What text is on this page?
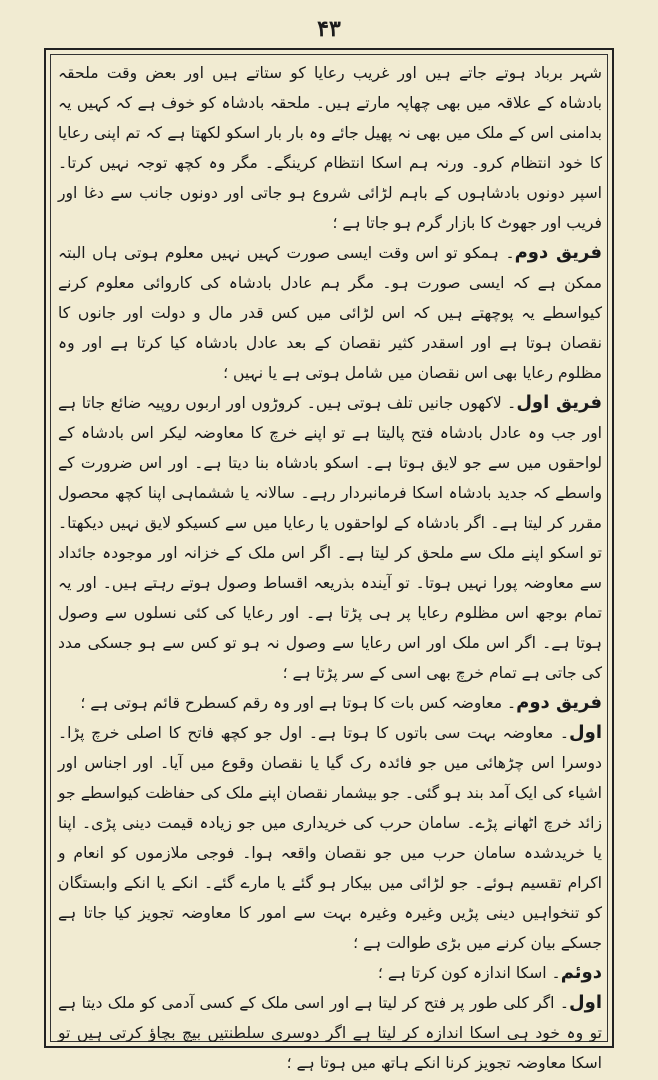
۴۳

شہر برباد ہوتے جاتے ہیں اور غریب رعایا کو ستاتے ہیں اور بعض وقت ملحقہ بادشاہ کے علاقہ میں بھی چھاپہ مارتے ہیں۔ ملحقہ بادشاہ کو خوف ہے کہ کہیں یہ بدامنی اس کے ملک میں بھی نہ پھیل جائے وہ بار بار اسکو لکھتا ہے کہ تم اپنی رعایا کا خود انتظام کرو۔ ورنہ ہم اسکا انتظام کرینگے۔ مگر وہ کچھ توجہ نہیں کرتا۔ اسپر دونوں بادشاہوں کے باہم لڑائی شروع ہو جاتی اور دونوں جانب سے دغا اور فریب اور جھوٹ کا بازار گرم ہو جاتا ہے ؛

فریق دوم۔ ہمکو تو اس وقت ایسی صورت کہیں نہیں معلوم ہوتی ہاں البتہ ممکن ہے کہ ایسی صورت ہو۔ مگر ہم عادل بادشاہ کی کاروائی معلوم کرنے کیواسطے یہ پوچھتے ہیں کہ اس لڑائی میں کس قدر مال و دولت اور جانوں کا نقصان ہوتا ہے اور اسقدر کثیر نقصان کے بعد عادل بادشاہ کیا کرتا ہے اور وہ مظلوم رعایا بھی اس نقصان میں شامل ہوتی ہے یا نہیں ؛

فریق اول۔ لاکھوں جانیں تلف ہوتی ہیں۔ کروڑوں اور اربوں روپیہ ضائع جاتا ہے اور جب وہ عادل بادشاہ فتح پالیتا ہے تو اپنے خرچ کا معاوضہ لیکر اس بادشاہ کے لواحقوں میں سے جو لایق ہوتا ہے۔ اسکو بادشاہ بنا دیتا ہے۔ اور اس ضرورت کے واسطے کہ جدید بادشاہ اسکا فرمانبردار رہے۔ سالانہ یا ششماہی اپنا کچھ محصول مقرر کر لیتا ہے۔ اگر بادشاہ کے لواحقوں یا رعایا میں سے کسیکو لایق نہیں دیکھتا۔ تو اسکو اپنے ملک سے ملحق کر لیتا ہے۔ اگر اس ملک کے خزانہ اور موجودہ جائداد سے معاوضہ پورا نہیں ہوتا۔ تو آیندہ بذریعہ اقساط وصول ہوتے رہتے ہیں۔ اور یہ تمام بوجھ اس مظلوم رعایا پر ہی پڑتا ہے۔ اور رعایا کی کئی نسلوں سے وصول ہوتا ہے۔ اگر اس ملک اور اس رعایا سے وصول نہ ہو تو کس سے ہو جسکی مدد کی جاتی ہے تمام خرچ بھی اسی کے سر پڑتا ہے ؛

فریق دوم۔ معاوضہ کس بات کا ہوتا ہے اور وہ رقم کسطرح قائم ہوتی ہے ؛

اول۔ معاوضہ بہت سی باتوں کا ہوتا ہے۔ اول جو کچھ فاتح کا اصلی خرچ پڑا۔ دوسرا اس چڑھائی میں جو فائدہ رک گیا یا نقصان وقوع میں آیا۔ اور اجناس اور اشیاء کی ایک آمد بند ہو گئی۔ جو بیشمار نقصان اپنے ملک کی حفاظت کیواسطے جو زائد خرچ اٹھانے پڑے۔ سامان حرب کی خریداری میں جو زیادہ قیمت دینی پڑی۔ اپنا یا خریدشدہ سامان حرب میں جو نقصان واقعہ ہوا۔ فوجی ملازموں کو انعام و اکرام تقسیم ہوئے۔ جو لڑائی میں بیکار ہو گئے یا مارے گئے۔ انکے یا انکے وابستگان کو تنخواہیں دینی پڑیں وغیرہ وغیرہ بہت سے امور کا معاوضہ تجویز کیا جاتا ہے جسکے بیان کرنے میں بڑی طوالت ہے ؛

دوئم۔ اسکا اندازہ کون کرتا ہے ؛

اول۔ اگر کلی طور پر فتح کر لیتا ہے اور اسی ملک کے کسی آدمی کو ملک دیتا ہے تو وہ خود ہی اسکا اندازہ کر لیتا ہے اگر دوسری سلطنتیں بیچ بچاؤ کرتی ہیں تو اسکا معاوضہ تجویز کرنا انکے ہاتھ میں ہوتا ہے ؛
